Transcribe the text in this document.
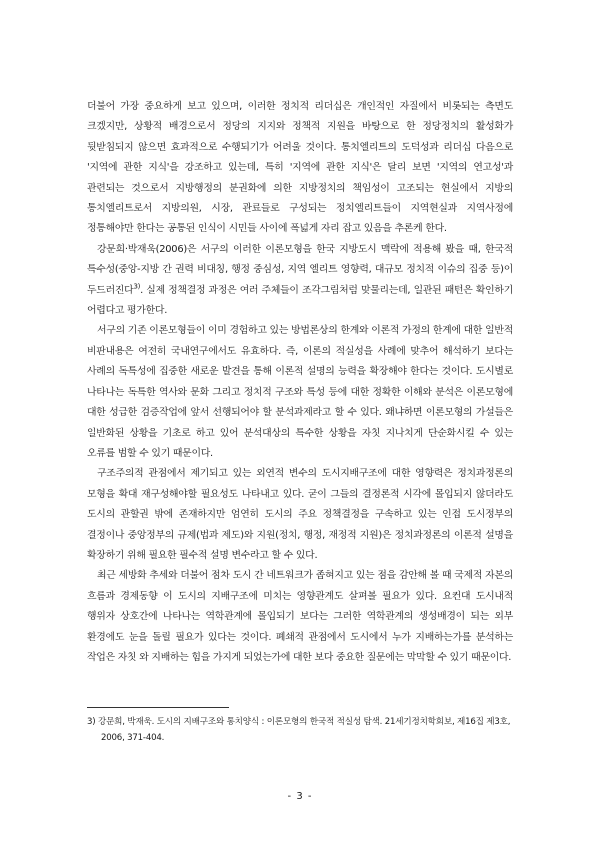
더불어 가장 중요하게 보고 있으며, 이러한 정치적 리더십은 개인적인 자질에서 비롯되는 측면도 크겠지만, 상황적 배경으로서 정당의 지지와 정책적 지원을 바탕으로 한 정당정치의 활성화가 뒷받침되지 않으면 효과적으로 수행되기가 어려울 것이다. 통치엘리트의 도덕성과 리더십 다음으로 '지역에 관한 지식'을 강조하고 있는데, 특히 '지역에 관한 지식'은 달리 보면 '지역의 연고성'과 관련되는 것으로서 지방행정의 분권화에 의한 지방정치의 책임성이 고조되는 현실에서 지방의 통치엘리트로서 지방의원, 시장, 관료들로 구성되는 정치엘리트들이 지역현실과 지역사정에 정통해야만 한다는 공통된 인식이 시민들 사이에 폭넓게 자리 잡고 있음을 추론케 한다.

강문희·박재욱(2006)은 서구의 이러한 이론모형을 한국 지방도시 맥락에 적용해 봤을 때, 한국적 특수성(중앙-지방 간 권력 비대칭, 행정 중심성, 지역 엘리트 영향력, 대규모 정치적 이슈의 집중 등)이 두드러진다$^{3)}$. 실제 정책결정 과정은 여러 주체들이 조각그림처럼 맞물리는데, 일관된 패턴은 확인하기 어렵다고 평가한다.

서구의 기존 이론모형들이 이미 경험하고 있는 방법론상의 한계와 이론적 가정의 한계에 대한 일반적 비판내용은 여전히 국내연구에서도 유효하다. 즉, 이론의 적실성을 사례에 맞추어 해석하기 보다는 사례의 독특성에 집중한 새로운 발견을 통해 이론적 설명의 능력을 확장해야 한다는 것이다. 도시별로 나타나는 독특한 역사와 문화 그리고 정치적 구조와 특성 등에 대한 정확한 이해와 분석은 이론모형에 대한 성급한 검증작업에 앞서 선행되어야 할 분석과제라고 할 수 있다. 왜냐하면 이론모형의 가설들은 일반화된 상황을 기초로 하고 있어 분석대상의 특수한 상황을 자칫 지나치게 단순화시킬 수 있는 오류를 범할 수 있기 때문이다.

구조주의적 관점에서 제기되고 있는 외연적 변수의 도시지배구조에 대한 영향력은 정치과정론의 모형을 확대 재구성해야할 필요성도 나타내고 있다. 굳이 그들의 결정론적 시각에 몰입되지 않더라도 도시의 관할권 밖에 존재하지만 엄연히 도시의 주요 정책결정을 구속하고 있는 인접 도시정부의 결정이나 중앙정부의 규제(법과 제도)와 지원(정치, 행정, 재정적 지원)은 정치과정론의 이론적 설명을 확장하기 위해 필요한 필수적 설명 변수라고 할 수 있다.

최근 세방화 추세와 더불어 점차 도시 간 네트워크가 좁혀지고 있는 점을 감안해 볼 때 국제적 자본의 흐름과 경제동향 이 도시의 지배구조에 미치는 영향관계도 살펴볼 필요가 있다. 요컨대 도시내적 행위자 상호간에 나타나는 역학관계에 몰입되기 보다는 그러한 역학관계의 생성배경이 되는 외부 환경에도 눈을 돌릴 필요가 있다는 것이다. 폐쇄적 관점에서 도시에서 누가 지배하는가를 분석하는 작업은 자칫 와 지배하는 힘을 가지게 되었는가에 대한 보다 중요한 질문에는 막막할 수 있기 때문이다.

3) 강문희, 박재욱. 도시의 지배구조와 통치양식 : 이론모형의 한국적 적실성 탐색. 21세기정치학회보, 제16집 제3호, 2006, 371-404.

- 3 -
